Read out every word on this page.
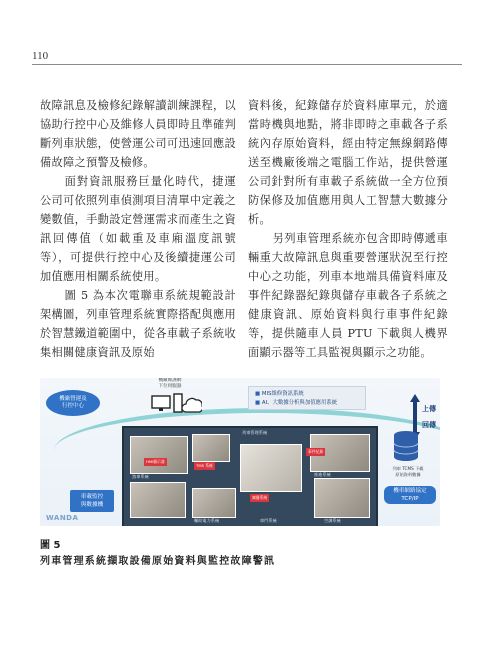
110

故障訊息及檢修紀錄解讀訓練課程，以協助行控中心及維修人員即時且準確判斷列車狀態，使營運公司可迅速回應設備故障之預警及檢修。

面對資訊服務巨量化時代，捷運公司可依照列車偵測項目清單中定義之變數值，手動設定營運需求而產生之資訊回傳值（如載重及車廂溫度訊號等），可提供行控中心及後續捷運公司加值應用相關系統使用。

圖 5 為本次電聯車系統規範設計架構圖，列車管理系統實際搭配與應用於智慧鐵道範圍中，從各車載子系統收集相關健康資訊及原始

資料後，紀錄儲存於資料庫單元，於適當時機與地點，將非即時之車載各子系統內存原始資料，經由特定無線網路傳送至機廠後端之電腦工作站，提供營運公司針對所有車載子系統做一全方位預防保修及加值應用與人工智慧大數據分析。

另列車管理系統亦包含即時傳遞車輛重大故障訊息與重要營運狀況至行控中心之功能，列車本地端具備資料庫及事件紀錄器紀錄與儲存車載各子系統之健康資訊、原始資料與行車事件紀錄等，提供隨車人員 PTU 下載與人機界面顯示器等工具監視與顯示之功能。

機廠營運及
行控中心
機廠維護網
下位伺服器
■ MIS維修資訊系統
■ AI、大數據分析與加值應用系統
上傳
回傳
列車 TCMS 下載
原始資料數據
列車管理系統
煞車系統	推進系統
車門系統	空調系統
輔助電力系統
TMS 系統
事件紀錄
廣播系統
HMI顯示器
車載監控
與數據機
機車網路協定
TCP/IP
WANDA
圖 5
列車管理系統擷取設備原始資料與監控故障警訊
